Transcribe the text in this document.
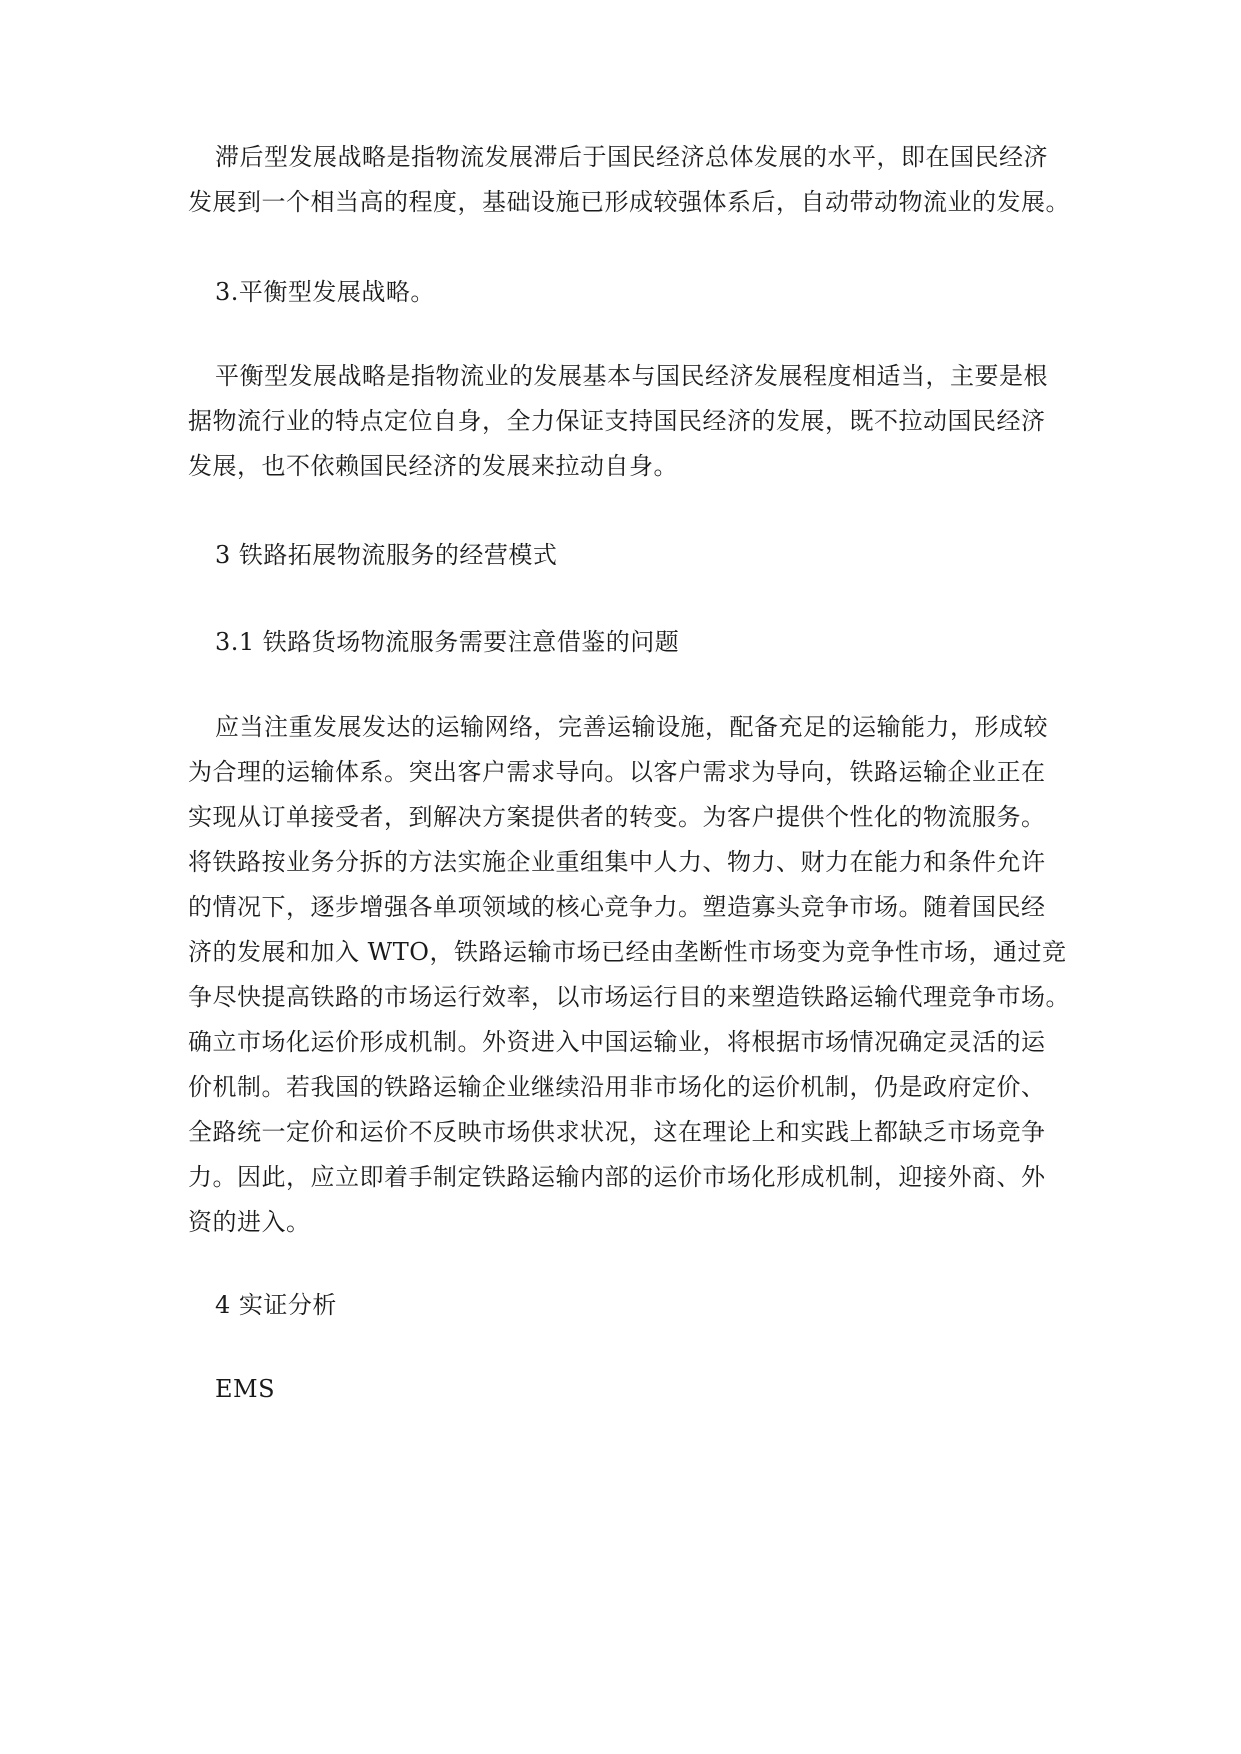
滞后型发展战略是指物流发展滞后于国民经济总体发展的水平，即在国民经济
发展到一个相当高的程度，基础设施已形成较强体系后，自动带动物流业的发展。
3.平衡型发展战略。
平衡型发展战略是指物流业的发展基本与国民经济发展程度相适当，主要是根
据物流行业的特点定位自身，全力保证支持国民经济的发展，既不拉动国民经济
发展，也不依赖国民经济的发展来拉动自身。
3 铁路拓展物流服务的经营模式
3.1 铁路货场物流服务需要注意借鉴的问题
应当注重发展发达的运输网络，完善运输设施，配备充足的运输能力，形成较
为合理的运输体系。突出客户需求导向。以客户需求为导向，铁路运输企业正在
实现从订单接受者，到解决方案提供者的转变。为客户提供个性化的物流服务。
将铁路按业务分拆的方法实施企业重组集中人力、物力、财力在能力和条件允许
的情况下，逐步增强各单项领域的核心竞争力。塑造寡头竞争市场。随着国民经
济的发展和加入 WTO，铁路运输市场已经由垄断性市场变为竞争性市场，通过竞
争尽快提高铁路的市场运行效率，以市场运行目的来塑造铁路运输代理竞争市场。
确立市场化运价形成机制。外资进入中国运输业，将根据市场情况确定灵活的运
价机制。若我国的铁路运输企业继续沿用非市场化的运价机制，仍是政府定价、
全路统一定价和运价不反映市场供求状况，这在理论上和实践上都缺乏市场竞争
力。因此，应立即着手制定铁路运输内部的运价市场化形成机制，迎接外商、外
资的进入。
4 实证分析
EMS
